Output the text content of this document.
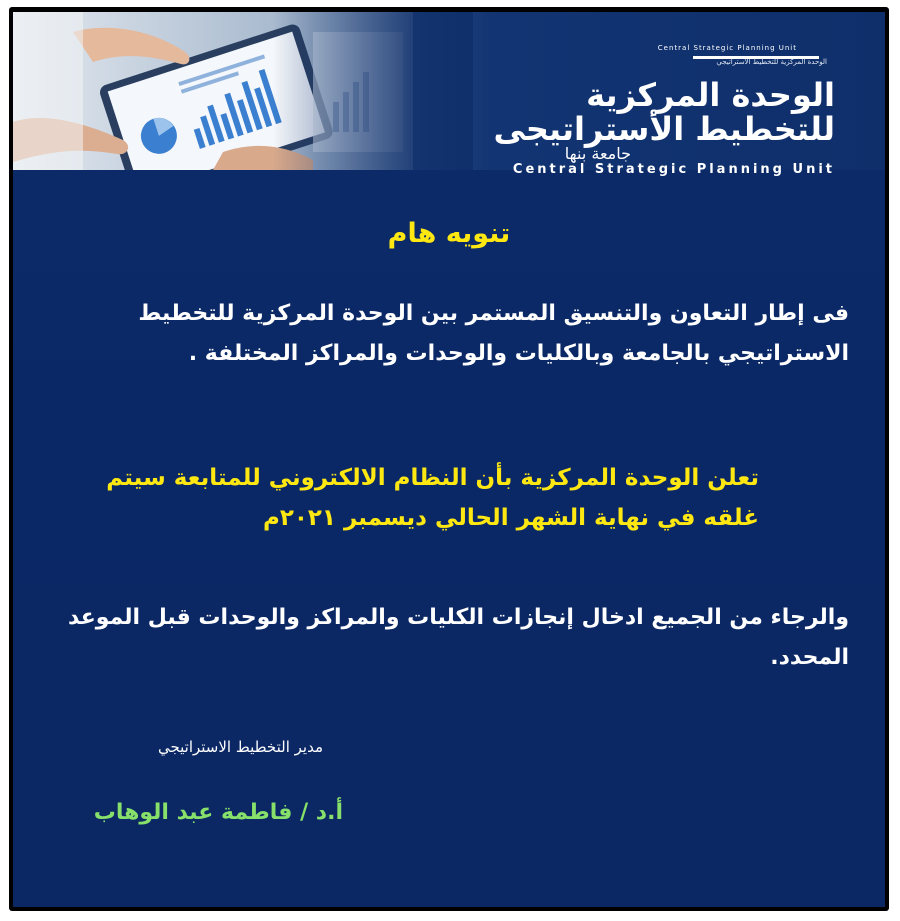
Central Strategic Planning Unit
الوحدة المركزية للتخطيط الاستراتيجي
الوحدة المركزية
للتخطيط الأستراتيجى
جامعة بنها
Central Strategic Planning Unit
تنويه هام
فى إطار التعاون والتنسيق المستمر بين الوحدة المركزية للتخطيط الاستراتيجي بالجامعة وبالكليات والوحدات والمراكز المختلفة .
تعلن الوحدة المركزية بأن النظام الالكتروني للمتابعة سيتم غلقه في نهاية الشهر الحالي ديسمبر ٢٠٢١م
والرجاء من الجميع ادخال إنجازات الكليات والمراكز والوحدات قبل الموعد المحدد.
مدير التخطيط الاستراتيجي
أ.د / فاطمة عبد الوهاب
